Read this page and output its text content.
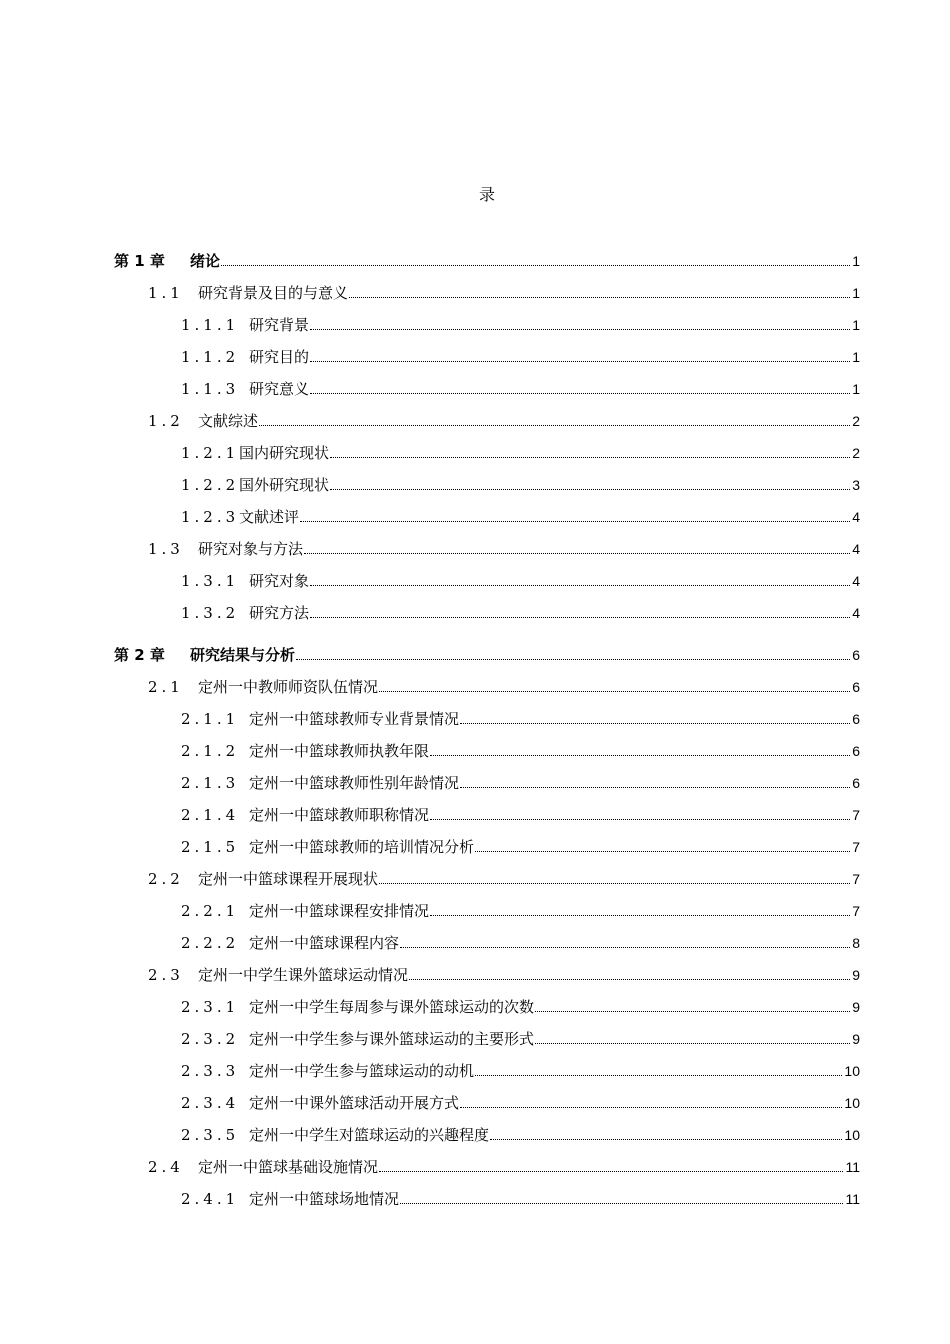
录
第 1 章	绪论	1
1.1 研究背景及目的与意义	1
1.1.1 研究背景	1
1.1.2 研究目的	1
1.1.3 研究意义	1
1.2 文献综述	2
1.2.1 国内研究现状	2
1.2.2 国外研究现状	3
1.2.3 文献述评	4
1.3 研究对象与方法	4
1.3.1 研究对象	4
1.3.2 研究方法	4
第 2 章	研究结果与分析	6
2.1 定州一中教师师资队伍情况	6
2.1.1 定州一中篮球教师专业背景情况	6
2.1.2 定州一中篮球教师执教年限	6
2.1.3 定州一中篮球教师性别年龄情况	6
2.1.4 定州一中篮球教师职称情况	7
2.1.5 定州一中篮球教师的培训情况分析	7
2.2 定州一中篮球课程开展现状	7
2.2.1 定州一中篮球课程安排情况	7
2.2.2 定州一中篮球课程内容	8
2.3 定州一中学生课外篮球运动情况	9
2.3.1 定州一中学生每周参与课外篮球运动的次数	9
2.3.2 定州一中学生参与课外篮球运动的主要形式	9
2.3.3 定州一中学生参与篮球运动的动机	10
2.3.4 定州一中课外篮球活动开展方式	10
2.3.5 定州一中学生对篮球运动的兴趣程度	10
2.4 定州一中篮球基础设施情况	11
2.4.1 定州一中篮球场地情况	11
